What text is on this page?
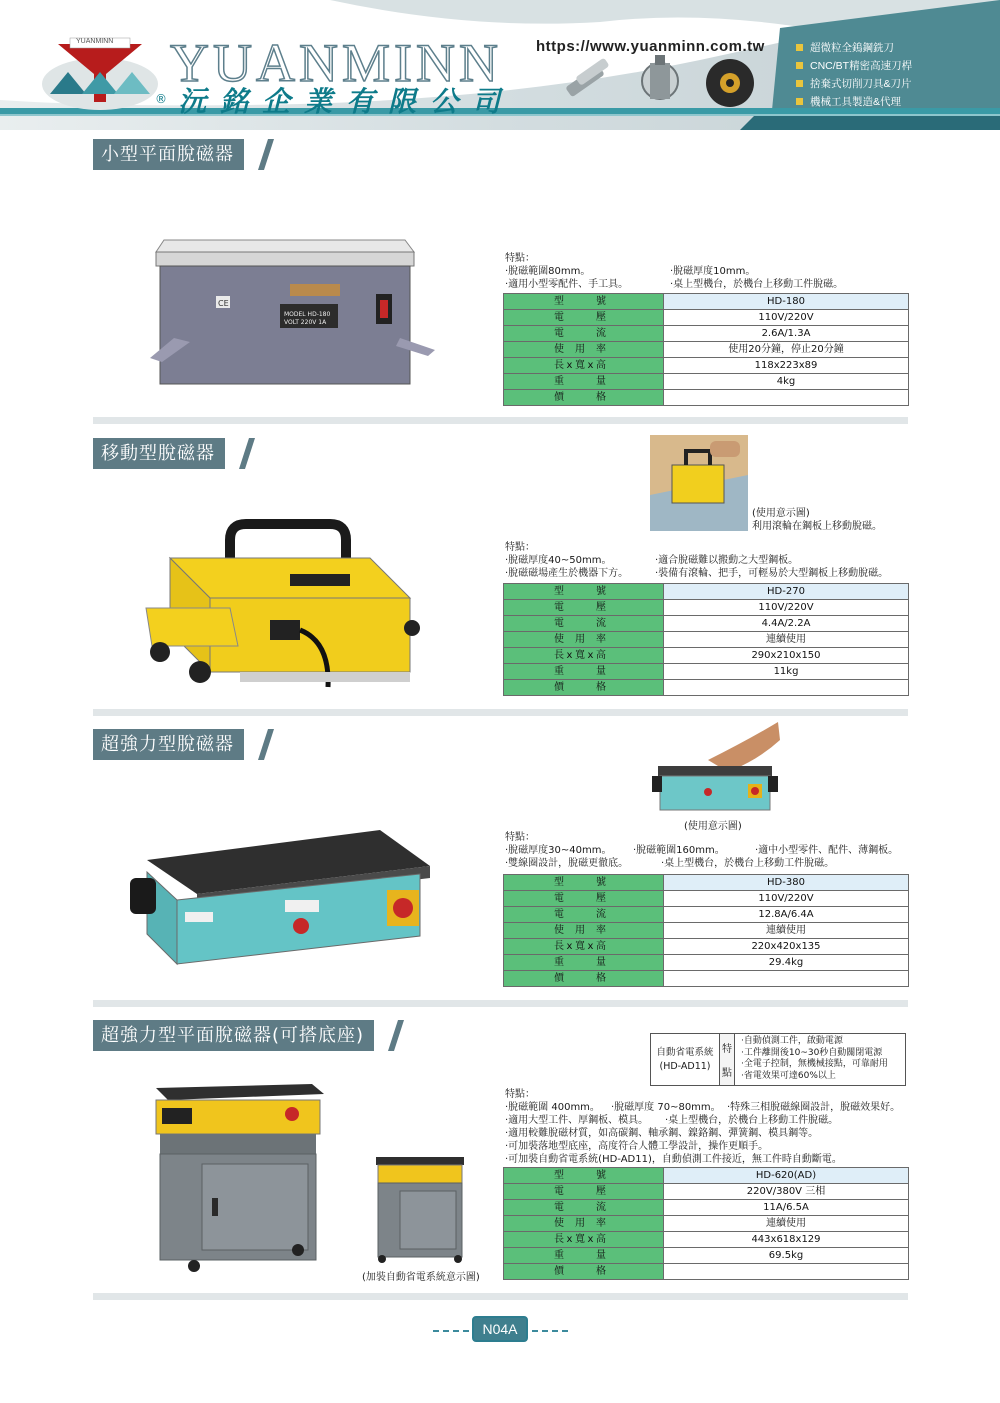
YUANMINN YUANMINN
® 沅銘企業有限公司
https://www.yuanminn.com.tw	超微粒全鎢鋼銑刀
CNC/BT精密高速刀桿
捨棄式切削刀具&刀片
機械工具製造&代理
小型平面脫磁器
MODEL HD-180
VOLT 220V 1A
CE
特點：
‧脫磁範圍80mm。	‧脫磁厚度10mm。
‧適用小型零配件、手工具。	‧桌上型機台，於機台上移動工件脫磁。
型號	HD-180
電壓	110V/220V
電流	2.6A/1.3A
使用率	使用20分鐘，停止20分鐘
長x寬x高	118x223x89
重量	4kg
價格	
移動型脫磁器
(使用意示圖)
利用滾輪在鋼板上移動脫磁。
特點：
‧脫磁厚度40~50mm。	‧適合脫磁難以搬動之大型鋼板。
‧脫磁磁場產生於機器下方。	‧裝備有滾輪、把手，可輕易於大型鋼板上移動脫磁。
型號	HD-270
電壓	110V/220V
電流	4.4A/2.2A
使用率	連續使用
長x寬x高	290x210x150
重量	11kg
價格	
超強力型脫磁器
(使用意示圖)
特點：
‧脫磁厚度30~40mm。 ‧脫磁範圍160mm。	‧適中小型零件、配件、薄鋼板。
‧雙線圈設計，脫磁更徹底。	‧桌上型機台，於機台上移動工件脫磁。
型號	HD-380
電壓	110V/220V
電流	12.8A/6.4A
使用率	連續使用
長x寬x高	220x420x135
重量	29.4kg
價格	
超強力型平面脫磁器(可搭底座)
自動省電系統
(HD-AD11)
特
點
‧自動偵測工件，啟動電源
‧工件離開後10~30秒自動關閉電源
‧全電子控制，無機械接點，可靠耐用
‧省電效果可達60%以上
(加裝自動省電系統意示圖)
特點：
‧脫磁範圍 400mm。 ‧脫磁厚度 70~80mm。 ‧特殊三相脫磁線圈設計，脫磁效果好。
‧適用大型工件、厚鋼板、模具。 ‧桌上型機台，於機台上移動工件脫磁。
‧適用較難脫磁材質，如高碳鋼、軸承鋼、鎳鉻鋼、彈簧鋼、模具鋼等。
‧可加裝落地型底座，高度符合人體工學設計，操作更順手。
‧可加裝自動省電系統(HD-AD11)，自動偵測工件接近，無工件時自動斷電。
型號	HD-620(AD)
電壓	220V/380V 三相
電流	11A/6.5A
使用率	連續使用
長x寬x高	443x618x129
重量	69.5kg
價格	
N04A
